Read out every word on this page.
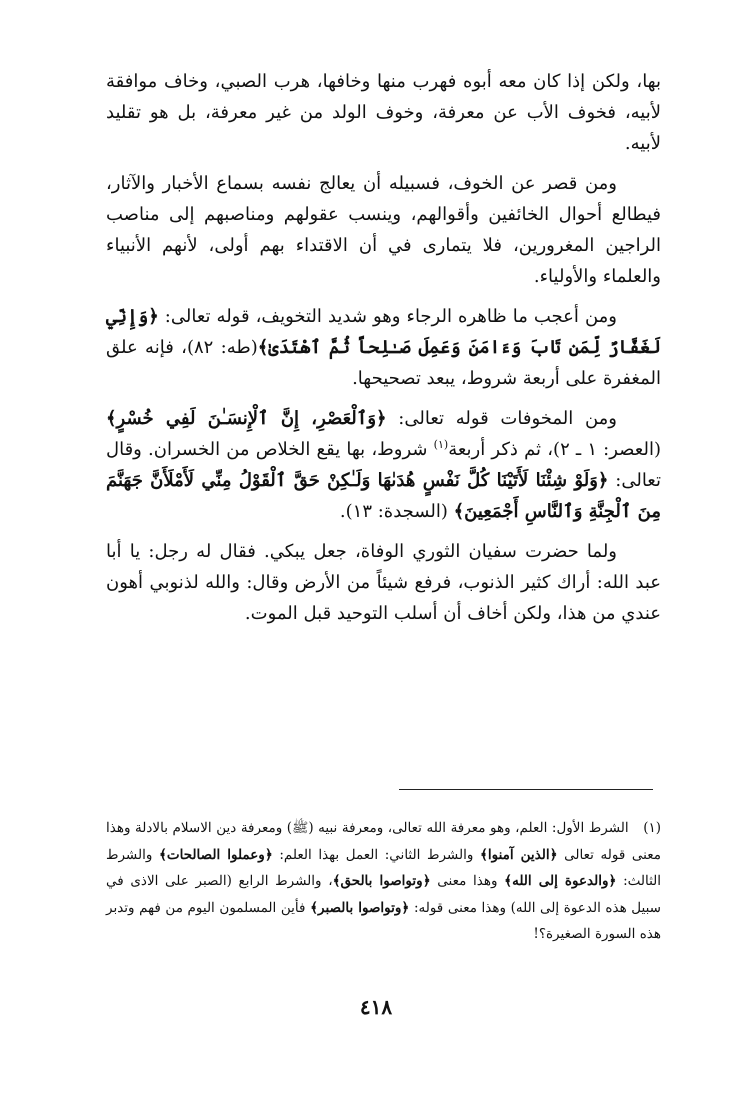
بها، ولكن إذا كان معه أبوه فهرب منها وخافها، هرب الصبي، وخاف موافقة لأبيه، فخوف الأب عن معرفة، وخوف الولد من غير معرفة، بل هو تقليد لأبيه.

ومن قصر عن الخوف، فسبيله أن يعالج نفسه بسماع الأخبار والآثار، فيطالع أحوال الخائفين وأقوالهم، وينسب عقولهم ومناصبهم إلى مناصب الراجين المغرورين، فلا يتمارى في أن الاقتداء بهم أولى، لأنهم الأنبياء والعلماء والأولياء.

ومن أعجب ما ظاهره الرجاء وهو شديد التخويف، قوله تعالى: ﴿وَإِنِّي لَغَفَّارٌ لِّمَن تَابَ وَءَامَنَ وَعَمِلَ صَـٰلِحاً ثُمَّ ٱهْتَدَىٰ﴾(طه: ٨٢)، فإنه علق المغفرة على أربعة شروط، يبعد تصحيحها.

ومن المخوفات قوله تعالى: ﴿وَٱلْعَصْرِ، إِنَّ ٱلْإِنسَـٰنَ لَفِي خُسْرٍ﴾ (العصر: ١ ـ ٢)، ثم ذكر أربعة$^{(١)}$ شروط، بها يقع الخلاص من الخسران. وقال تعالى: ﴿وَلَوْ شِئْنَا لَأَتَيْنَا كُلَّ نَفْسٍ هُدَىٰهَا وَلَـٰكِنْ حَقَّ ٱلْقَوْلُ مِنِّي لَأَمْلَأَنَّ جَهَنَّمَ مِنَ ٱلْجِنَّةِ وَٱلنَّاسِ أَجْمَعِينَ﴾ (السجدة: ١٣).

ولما حضرت سفيان الثوري الوفاة، جعل يبكي. فقال له رجل: يا أبا عبد الله: أراك كثير الذنوب، فرفع شيئاً من الأرض وقال: والله لذنوبي أهون عندي من هذا، ولكن أخاف أن أسلب التوحيد قبل الموت.

(١) الشرط الأول: العلم، وهو معرفة الله تعالى، ومعرفة نبيه (ﷺ) ومعرفة دين الاسلام بالادلة وهذا معنى قوله تعالى ﴿الذين آمنوا﴾ والشرط الثاني: العمل بهذا العلم: ﴿وعملوا الصالحات﴾ والشرط الثالث: ﴿والدعوة إلى الله﴾ وهذا معنى ﴿وتواصوا بالحق﴾، والشرط الرابع (الصبر على الاذى في سبيل هذه الدعوة إلى الله) وهذا معنى قوله: ﴿وتواصوا بالصبر﴾ فأين المسلمون اليوم من فهم وتدبر هذه السورة الصغيرة؟!
٤١٨
